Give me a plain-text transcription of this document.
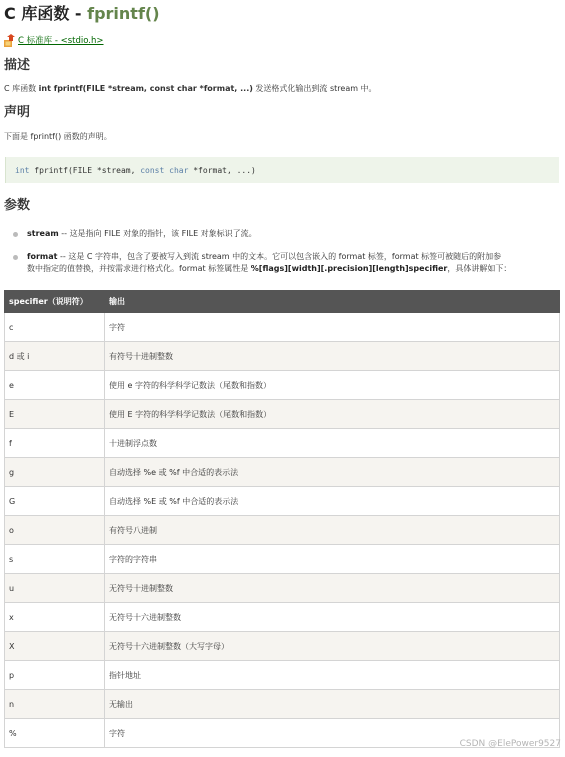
C 库函数 - fprintf()
C 标准库 - <stdio.h>
描述

C 库函数 int fprintf(FILE *stream, const char *format, ...) 发送格式化输出到流 stream 中。

声明

下面是 fprintf() 函数的声明。

int fprintf(FILE *stream, const
char *format, ...)
参数
stream -- 这是指向 FILE 对象的指针，该 FILE 对象标识了流。
format -- 这是 C 字符串，包含了要被写入到流 stream 中的文本。它可以包含嵌入的 format 标签，format 标签可被随后的附加参
数中指定的值替换，并按需求进行格式化。format 标签属性是 %[flags][width][.precision][length]specifier，具体讲解如下：
specifier（说明符）	输出
c	字符
d 或 i	有符号十进制整数
e	使用 e 字符的科学科学记数法（尾数和指数）
E	使用 E 字符的科学科学记数法（尾数和指数）
f	十进制浮点数
g	自动选择 %e 或 %f 中合适的表示法
G	自动选择 %E 或 %f 中合适的表示法
o	有符号八进制
s	字符的字符串
u	无符号十进制整数
x	无符号十六进制整数
X	无符号十六进制整数（大写字母）
p	指针地址
n	无输出
%	字符
CSDN @ElePower9527
